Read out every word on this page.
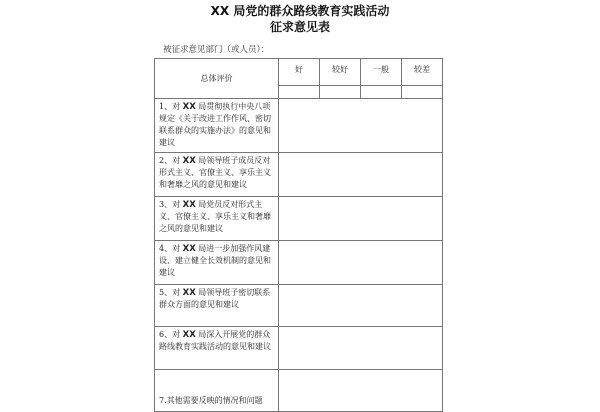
XX 局党的群众路线教育实践活动
征求意见表
被征求意见部门（或人员）：
总体评价	好	较好	一般	较差

1、对 XX 局贯彻执行中央八项规定《关于改进工作作风、密切联系群众的实施办法》的意见和建议				
2、对 XX 局领导班子成员反对形式主义、官僚主义、享乐主义和奢靡之风的意见和建议				
3、对 XX 局党员反对形式主义、官僚主义、享乐主义和奢靡之风的意见和建议				
4、对 XX 局进一步加强作风建设、建立健全长效机制的意见和建议				
5、对 XX 局领导班子密切联系群众方面的意见和建议				
6、对 XX 局深入开展党的群众路线教育实践活动的意见和建议				
7.其他需要反映的情况和问题				
